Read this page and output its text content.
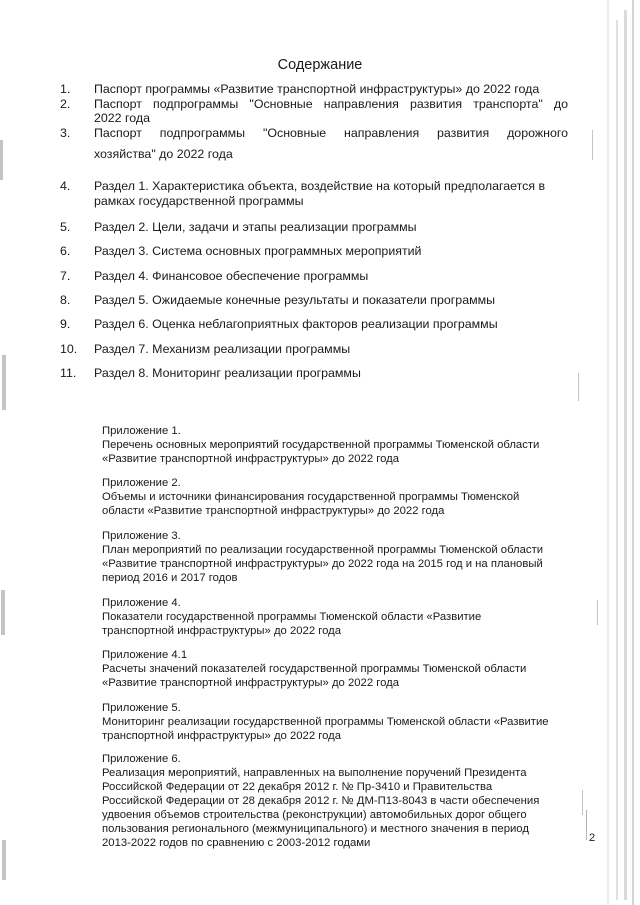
Содержание
1.	Паспорт программы «Развитие транспортной инфраструктуры» до 2022 года
2.	Паспорт подпрограммы "Основные направления развития транспорта" до
2022 года
3.	Паспорт подпрограммы "Основные направления развития дорожного
хозяйства" до 2022 года
4.	Раздел 1. Характеристика объекта, воздействие на который предполагается в
рамках государственной программы
5.	Раздел 2. Цели, задачи и этапы реализации программы
6.	Раздел 3. Система основных программных мероприятий
7.	Раздел 4. Финансовое обеспечение программы
8.	Раздел 5. Ожидаемые конечные результаты и показатели программы
9.	Раздел 6. Оценка неблагоприятных факторов реализации программы
10.	Раздел 7. Механизм реализации программы
11.	Раздел 8. Мониторинг реализации программы
Приложение 1.
Перечень основных мероприятий государственной программы Тюменской области
«Развитие транспортной инфраструктуры» до 2022 года
Приложение 2.
Объемы и источники финансирования государственной программы Тюменской
области «Развитие транспортной инфраструктуры» до 2022 года
Приложение 3.
План мероприятий по реализации государственной программы Тюменской области
«Развитие транспортной инфраструктуры» до 2022 года на 2015 год и на плановый
период 2016 и 2017 годов
Приложение 4.
Показатели государственной программы Тюменской области «Развитие
транспортной инфраструктуры» до 2022 года
Приложение 4.1
Расчеты значений показателей государственной программы Тюменской области
«Развитие транспортной инфраструктуры» до 2022 года
Приложение 5.
Мониторинг реализации государственной программы Тюменской области «Развитие
транспортной инфраструктуры» до 2022 года
Приложение 6.
Реализация мероприятий, направленных на выполнение поручений Президента
Российской Федерации от 22 декабря 2012 г. № Пр-3410 и Правительства
Российской Федерации от 28 декабря 2012 г. № ДМ-П13-8043 в части обеспечения
удвоения объемов строительства (реконструкции) автомобильных дорог общего
пользования регионального (межмуниципального) и местного значения в период
2013-2022 годов по сравнению с 2003-2012 годами	2
